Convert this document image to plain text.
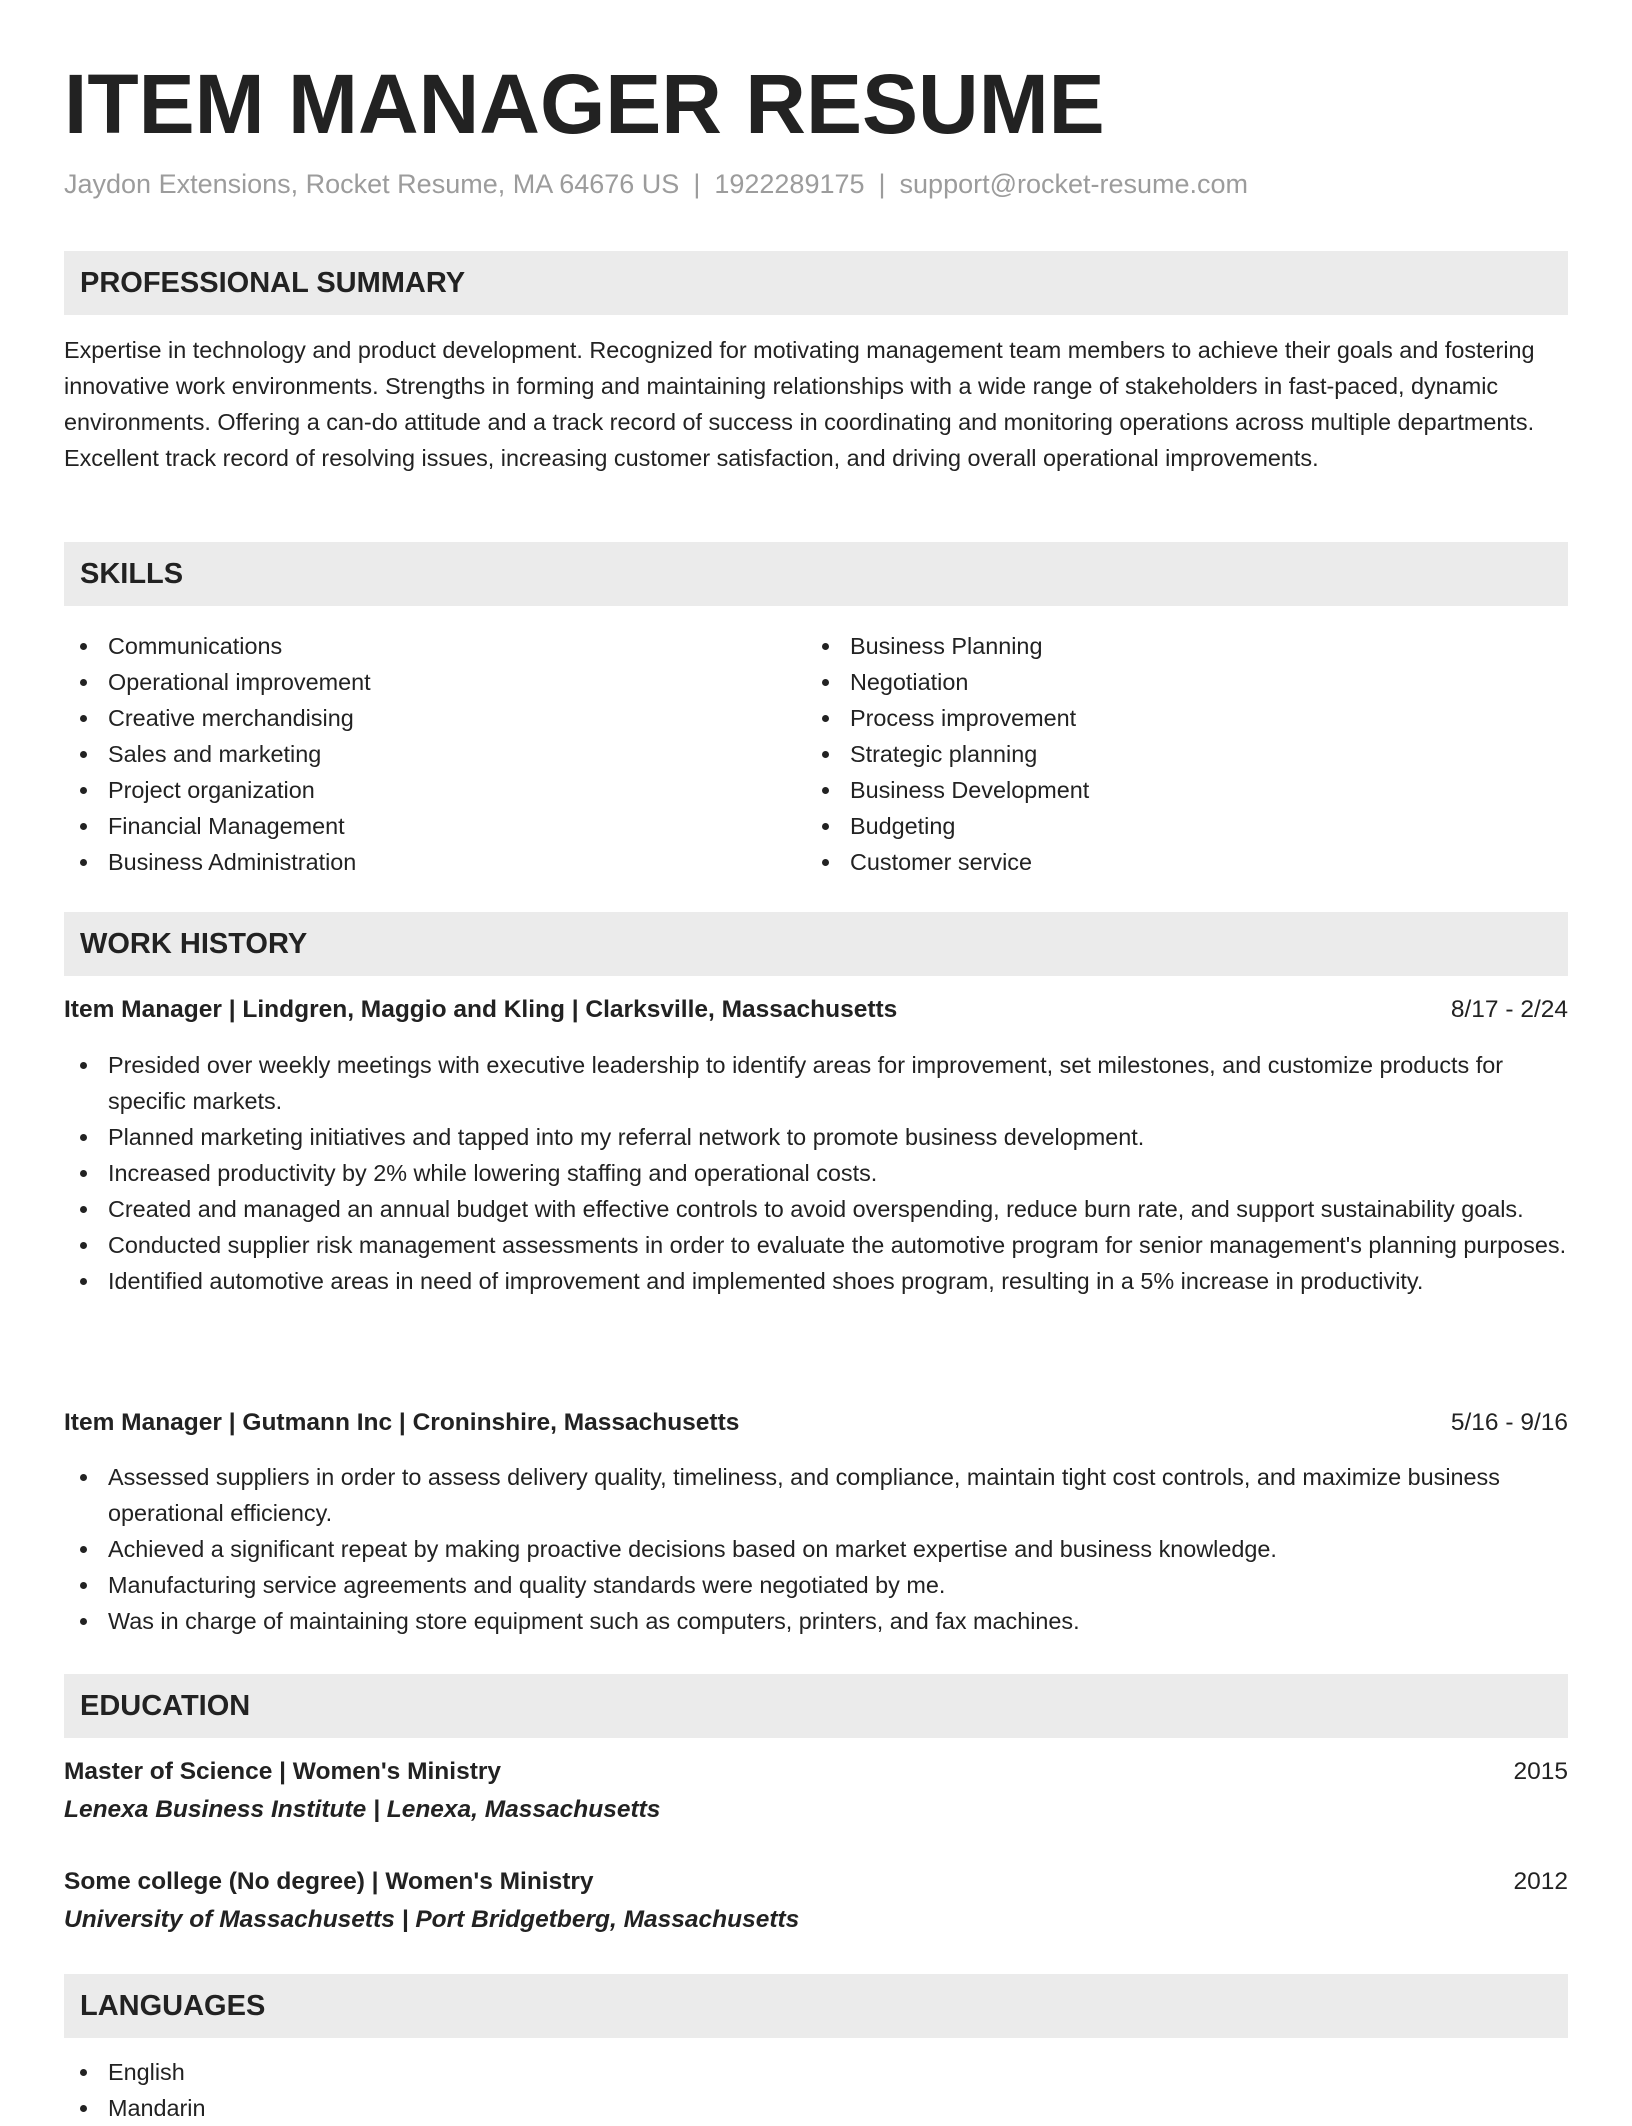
ITEM MANAGER RESUME
Jaydon Extensions, Rocket Resume, MA 64676 US | 1922289175 | support@rocket-resume.com
PROFESSIONAL SUMMARY
Expertise in technology and product development. Recognized for motivating management team members to achieve their goals and fostering innovative work environments. Strengths in forming and maintaining relationships with a wide range of stakeholders in fast-paced, dynamic environments. Offering a can-do attitude and a track record of success in coordinating and monitoring operations across multiple departments. Excellent track record of resolving issues, increasing customer satisfaction, and driving overall operational improvements.
SKILLS
Communications
Operational improvement
Creative merchandising
Sales and marketing
Project organization
Financial Management
Business Administration
Business Planning
Negotiation
Process improvement
Strategic planning
Business Development
Budgeting
Customer service
WORK HISTORY
Item Manager | Lindgren, Maggio and Kling | Clarksville, Massachusetts	8/17 - 2/24
Presided over weekly meetings with executive leadership to identify areas for improvement, set milestones, and customize products for specific markets.
Planned marketing initiatives and tapped into my referral network to promote business development.
Increased productivity by 2% while lowering staffing and operational costs.
Created and managed an annual budget with effective controls to avoid overspending, reduce burn rate, and support sustainability goals.
Conducted supplier risk management assessments in order to evaluate the automotive program for senior management's planning purposes.
Identified automotive areas in need of improvement and implemented shoes program, resulting in a 5% increase in productivity.
Item Manager | Gutmann Inc | Croninshire, Massachusetts	5/16 - 9/16
Assessed suppliers in order to assess delivery quality, timeliness, and compliance, maintain tight cost controls, and maximize business operational efficiency.
Achieved a significant repeat by making proactive decisions based on market expertise and business knowledge.
Manufacturing service agreements and quality standards were negotiated by me.
Was in charge of maintaining store equipment such as computers, printers, and fax machines.
EDUCATION
Master of Science | Women's Ministry	2015
Lenexa Business Institute | Lenexa, Massachusetts
Some college (No degree) | Women's Ministry	2012
University of Massachusetts | Port Bridgetberg, Massachusetts
LANGUAGES
English
Mandarin
